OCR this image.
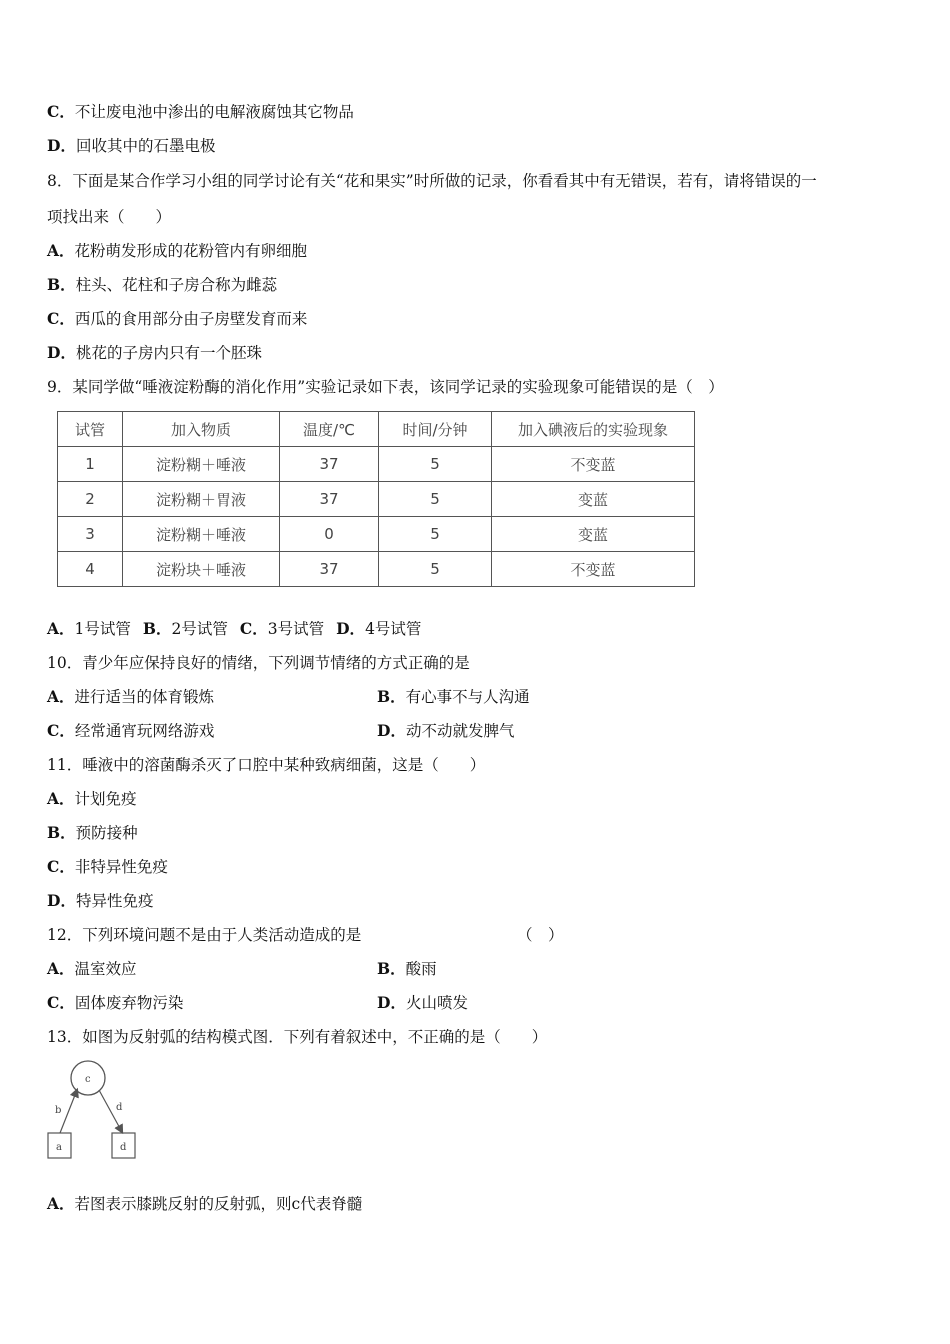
C．不让废电池中渗出的电解液腐蚀其它物品
D．回收其中的石墨电极
8．下面是某合作学习小组的同学讨论有关“花和果实”时所做的记录，你看看其中有无错误，若有，请将错误的一
项找出来（　　）
A．花粉萌发形成的花粉管内有卵细胞
B．柱头、花柱和子房合称为雌蕊
C．西瓜的食用部分由子房壁发育而来
D．桃花的子房内只有一个胚珠
9．某同学做“唾液淀粉酶的消化作用”实验记录如下表，该同学记录的实验现象可能错误的是（　）
试管	加入物质	温度/℃	时间/分钟	加入碘液后的实验现象
1	淀粉糊＋唾液	37	5	不变蓝
2	淀粉糊＋胃液	37	5	变蓝
3	淀粉糊＋唾液	0	5	变蓝
4	淀粉块＋唾液	37	5	不变蓝
A．1号试管 B．2号试管 C．3号试管 D．4号试管
10．青少年应保持良好的情绪，下列调节情绪的方式正确的是
A．进行适当的体育锻炼	B．有心事不与人沟通
C．经常通宵玩网络游戏	D．动不动就发脾气
11．唾液中的溶菌酶杀灭了口腔中某种致病细菌，这是（　　）
A．计划免疫
B．预防接种
C．非特异性免疫
D．特异性免疫
12．下列环境问题不是由于人类活动造成的是	（　）
A．温室效应	B．酸雨
C．固体废弃物污染	D．火山喷发
13．如图为反射弧的结构模式图．下列有着叙述中，不正确的是（　　）
c
b	d
a	d
A．若图表示膝跳反射的反射弧，则c代表脊髓
